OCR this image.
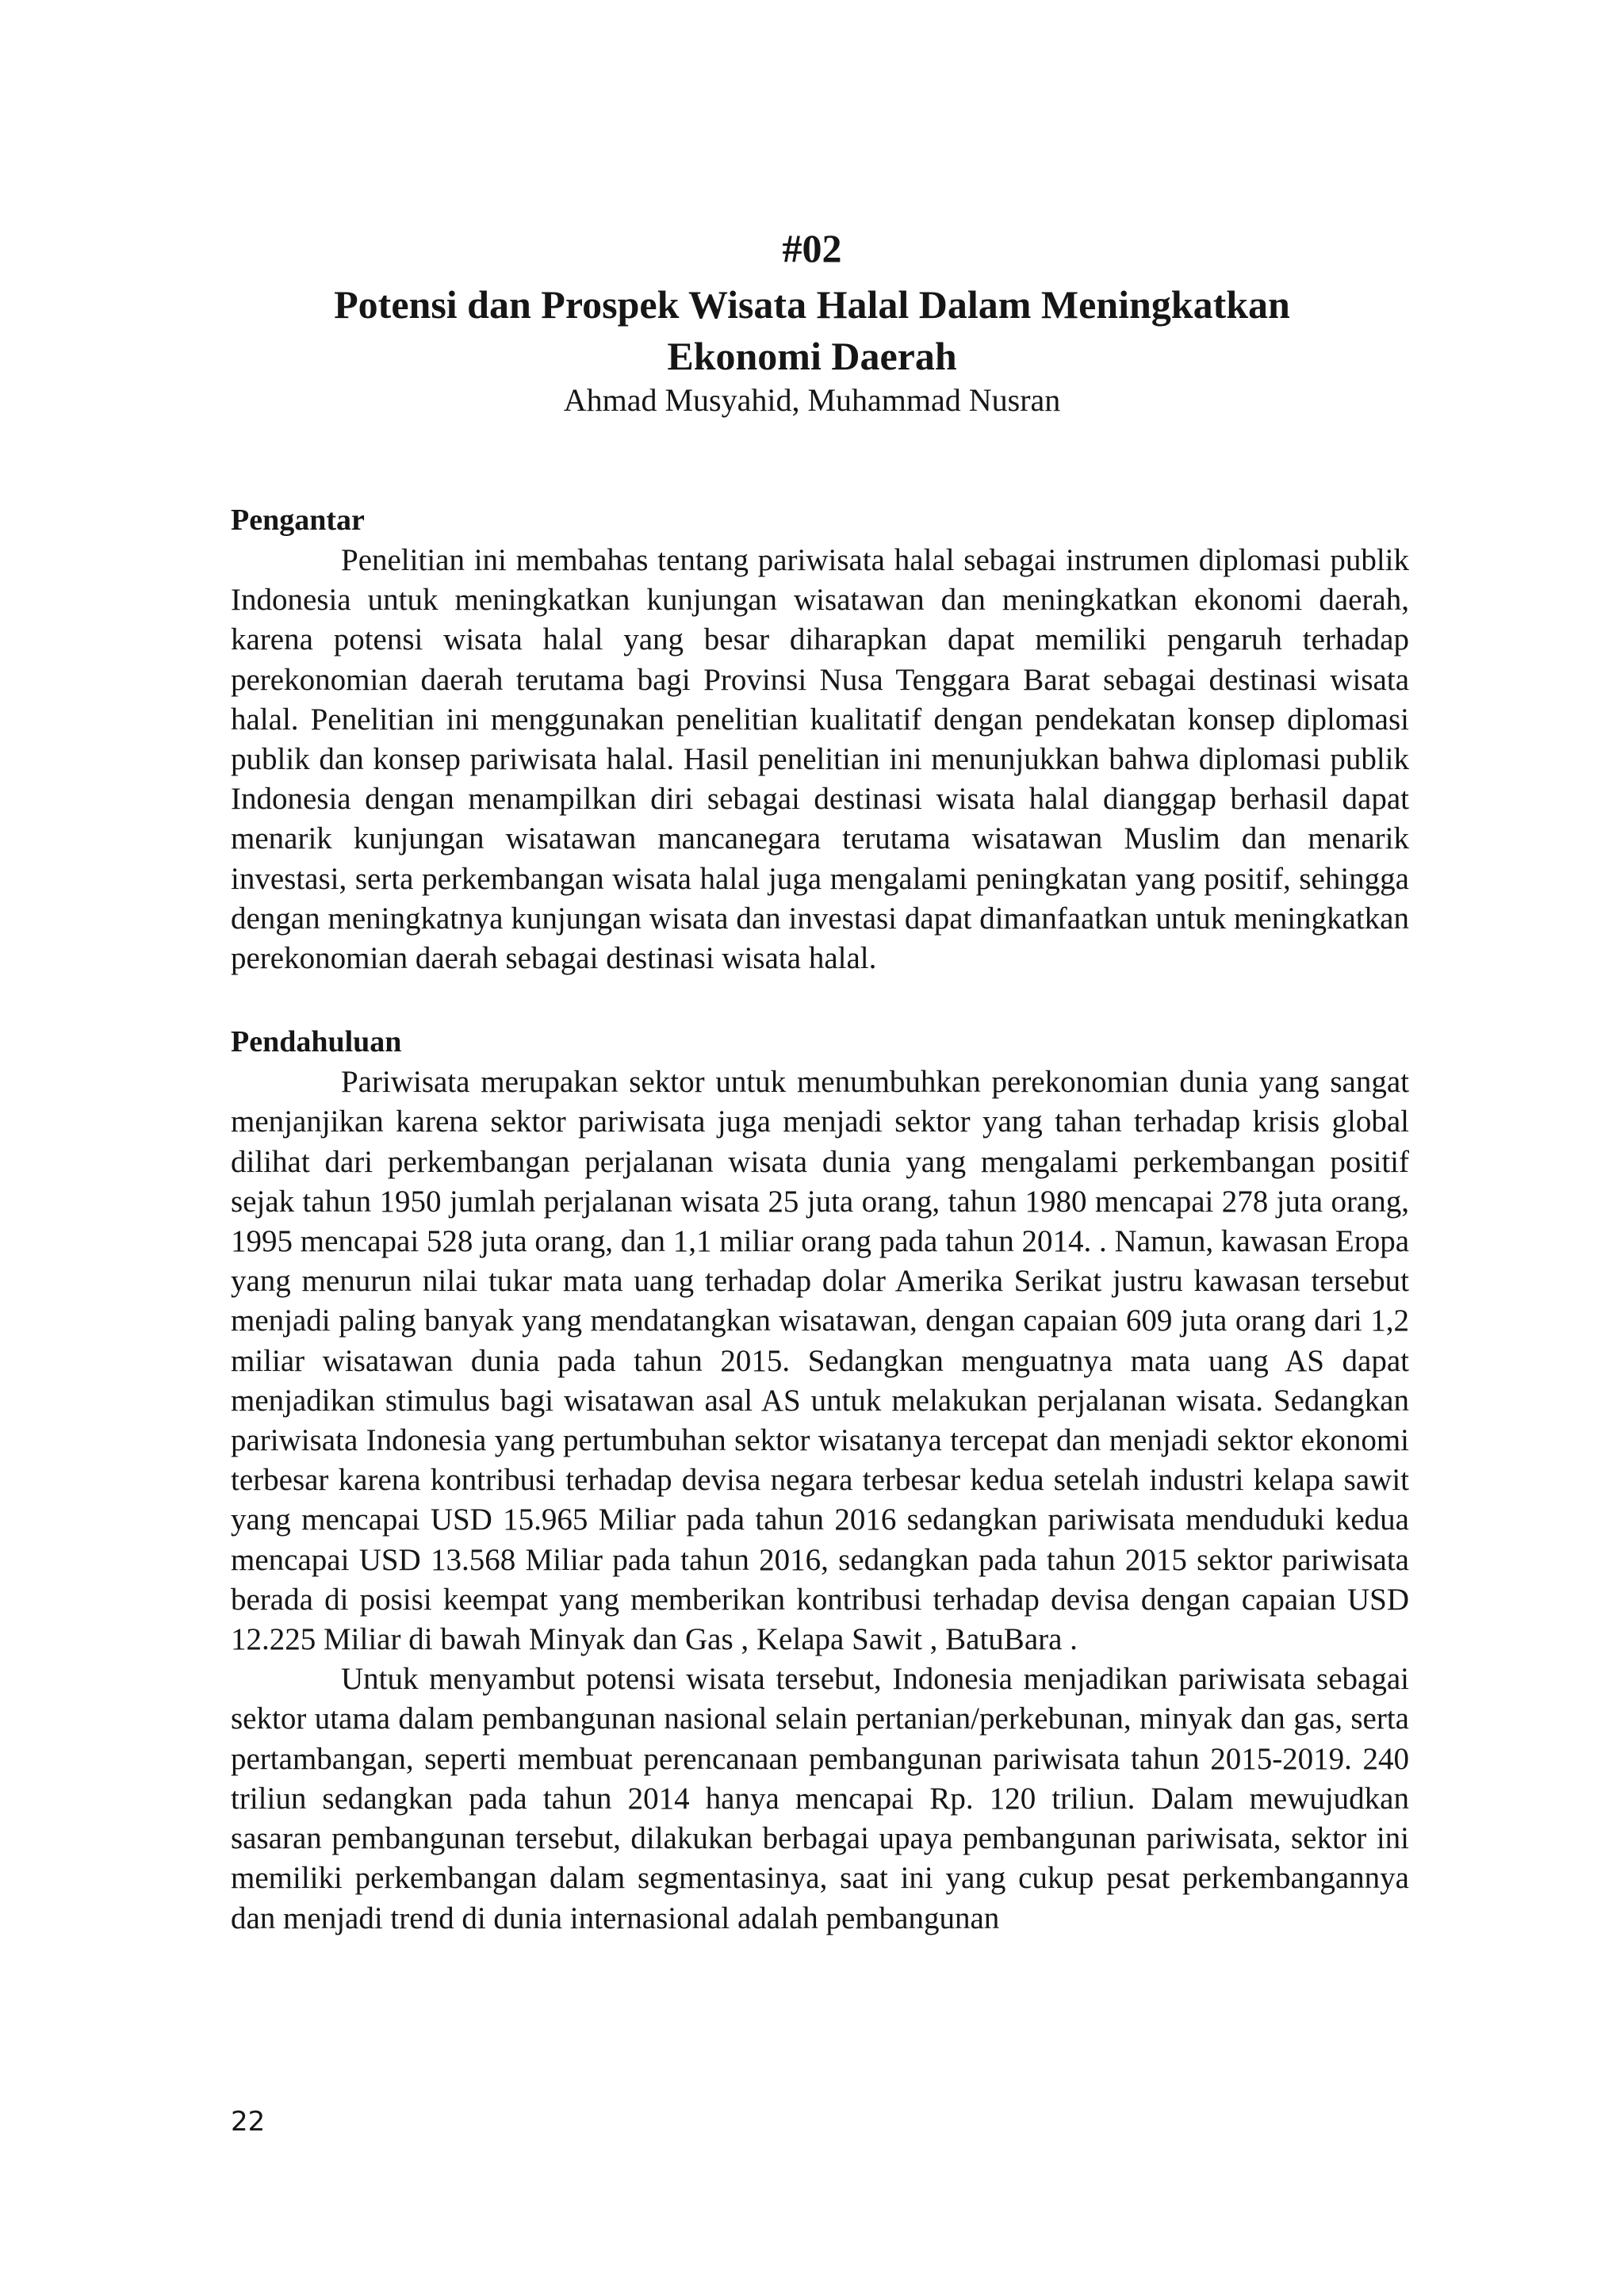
#02
Potensi dan Prospek Wisata Halal Dalam Meningkatkan
Ekonomi Daerah
Ahmad Musyahid, Muhammad Nusran
Pengantar

Penelitian ini membahas tentang pariwisata halal sebagai instrumen diplomasi publik Indonesia untuk meningkatkan kunjungan wisatawan dan meningkatkan ekonomi daerah, karena potensi wisata halal yang besar diharapkan dapat memiliki pengaruh terhadap perekonomian daerah terutama bagi Provinsi Nusa Tenggara Barat sebagai destinasi wisata halal. Penelitian ini menggunakan penelitian kualitatif dengan pendekatan konsep diplomasi publik dan konsep pariwisata halal. Hasil penelitian ini menunjukkan bahwa diplomasi publik Indonesia dengan menampilkan diri sebagai destinasi wisata halal dianggap berhasil dapat menarik kunjungan wisatawan mancanegara terutama wisatawan Muslim dan menarik investasi, serta perkembangan wisata halal juga mengalami peningkatan yang positif, sehingga dengan meningkatnya kunjungan wisata dan investasi dapat dimanfaatkan untuk meningkatkan perekonomian daerah sebagai destinasi wisata halal.

Pendahuluan

Pariwisata merupakan sektor untuk menumbuhkan perekonomian dunia yang sangat menjanjikan karena sektor pariwisata juga menjadi sektor yang tahan terhadap krisis global dilihat dari perkembangan perjalanan wisata dunia yang mengalami perkembangan positif sejak tahun 1950 jumlah perjalanan wisata 25 juta orang, tahun 1980 mencapai 278 juta orang, 1995 mencapai 528 juta orang, dan 1,1 miliar orang pada tahun 2014. . Namun, kawasan Eropa yang menurun nilai tukar mata uang terhadap dolar Amerika Serikat justru kawasan tersebut menjadi paling banyak yang mendatangkan wisatawan, dengan capaian 609 juta orang dari 1,2 miliar wisatawan dunia pada tahun 2015. Sedangkan menguatnya mata uang AS dapat menjadikan stimulus bagi wisatawan asal AS untuk melakukan perjalanan wisata. Sedangkan pariwisata Indonesia yang pertumbuhan sektor wisatanya tercepat dan menjadi sektor ekonomi terbesar karena kontribusi terhadap devisa negara terbesar kedua setelah industri kelapa sawit yang mencapai USD 15.965 Miliar pada tahun 2016 sedangkan pariwisata menduduki kedua mencapai USD 13.568 Miliar pada tahun 2016, sedangkan pada tahun 2015 sektor pariwisata berada di posisi keempat yang memberikan kontribusi terhadap devisa dengan capaian USD 12.225 Miliar di bawah Minyak dan Gas , Kelapa Sawit , BatuBara .

Untuk menyambut potensi wisata tersebut, Indonesia menjadikan pariwisata sebagai sektor utama dalam pembangunan nasional selain pertanian/perkebunan, minyak dan gas, serta pertambangan, seperti membuat perencanaan pembangunan pariwisata tahun 2015-2019. 240 triliun sedangkan pada tahun 2014 hanya mencapai Rp. 120 triliun. Dalam mewujudkan sasaran pembangunan tersebut, dilakukan berbagai upaya pembangunan pariwisata, sektor ini memiliki perkembangan dalam segmentasinya, saat ini yang cukup pesat perkembangannya dan menjadi trend di dunia internasional adalah pembangunan

22
